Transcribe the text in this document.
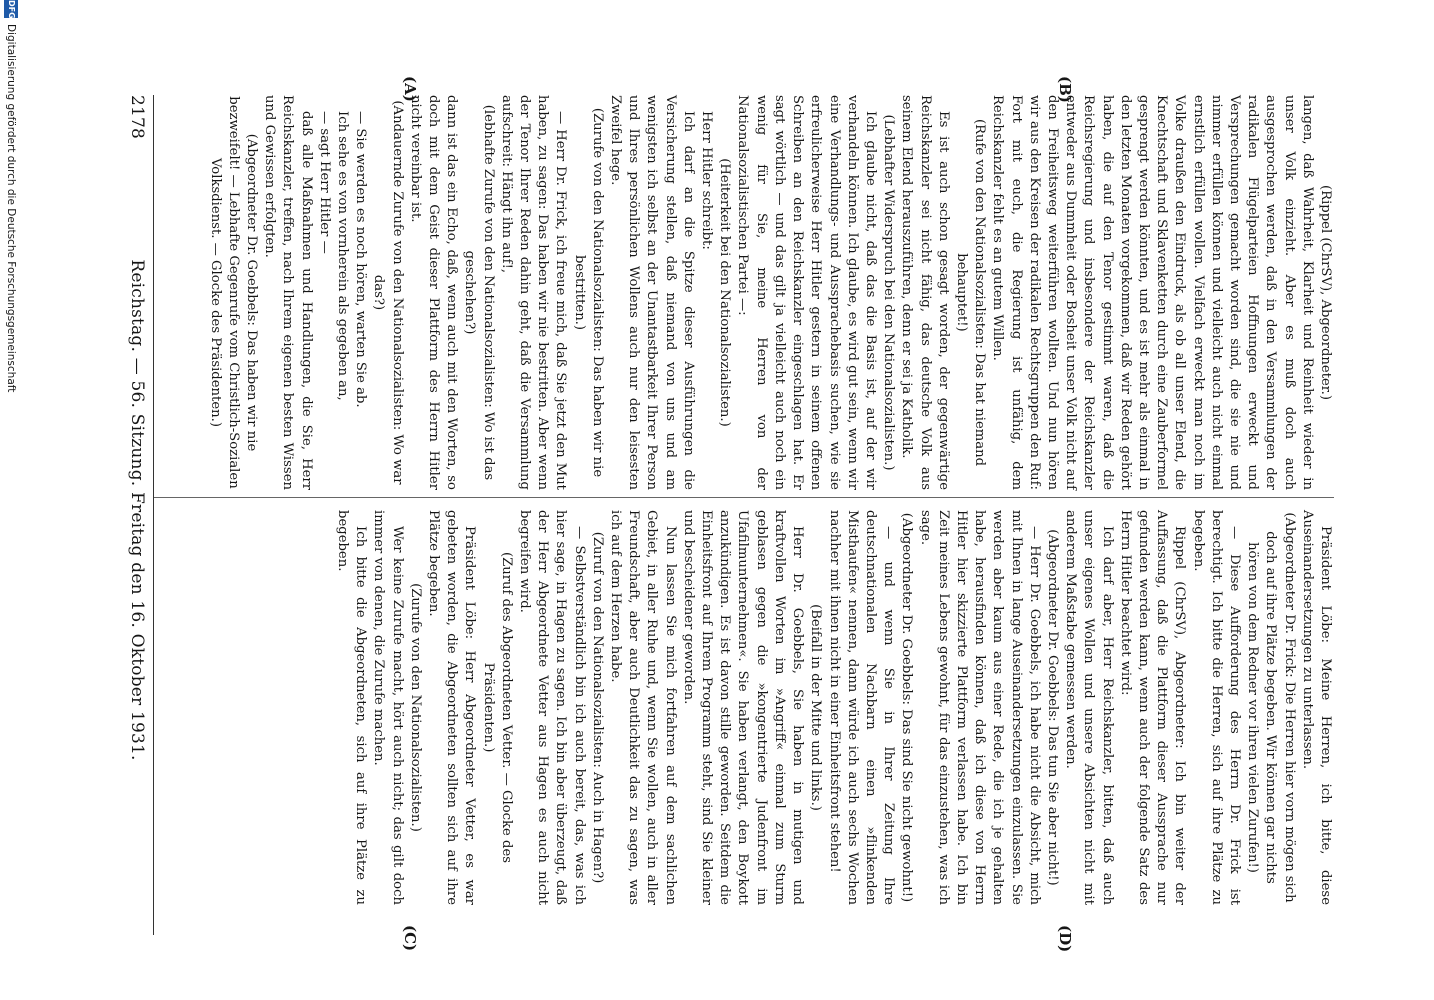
2178
Reichstag. — 56. Sitzung. Freitag den 16. Oktober 1931.
(A)	(B)
(C)	(D)

(Rippel (ChrSV), Abgeordneter.)

langen, daß Wahrheit, Klarheit und Reinheit wieder in unser Volk einzieht. Aber es muß doch auch ausgesprochen werden, daß in den Versammlungen der radikalen Flügelparteien Hoffnungen erweckt und Versprechungen gemacht worden sind, die sie nie und nimmer erfüllen können und vielleicht auch nicht einmal ernstlich erfüllen wollen. Vielfach erweckt man noch im Volke draußen den Eindruck, als ob all unser Elend, die Knechtschaft und Sklavenketten durch eine Zauberformel gesprengt werden könnten, und es ist mehr als einmal in den letzten Monaten vorgekommen, daß wir Reden gehört haben, die auf den Tenor gestimmt waren, daß die Reichsregierung und insbesondere der Reichskanzler entweder aus Dummheit oder Bosheit unser Volk nicht auf den Freiheitsweg weiterführen wollten. Und nun hören wir aus den Kreisen der radikalen Rechtsgruppen den Ruf: Fort mit euch, die Regierung ist unfähig, dem Reichskanzler fehlt es an gutem Willen.

(Rufe von den Nationalsozialisten: Das hat niemand behauptet!)

Es ist auch schon gesagt worden, der gegenwärtige Reichskanzler sei nicht fähig, das deutsche Volk aus seinem Elend herauszuführen, denn er sei ja Katholik.

(Lebhafter Widerspruch bei den Nationalsozialisten.)

Ich glaube nicht, daß das die Basis ist, auf der wir verhandeln können. Ich glaube, es wird gut sein, wenn wir eine Verhandlungs- und Aussprachebasis suchen, wie sie erfreulicherweise Herr Hitler gestern in seinem offenen Schreiben an den Reichskanzler eingeschlagen hat. Er sagt wörtlich — und das gilt ja vielleicht auch noch ein wenig für Sie, meine Herren von der Nationalsozialistischen Partei —:

(Heiterkeit bei den Nationalsozialisten.)

Herr Hitler schreibt:

Ich darf an die Spitze dieser Ausführungen die Versicherung stellen, daß niemand von uns und am wenigsten ich selbst an der Unantastbarkeit Ihrer Person und Ihres persönlichen Wollens auch nur den leisesten Zweifel hege.

(Zurufe von den Nationalsozialisten: Das haben wir nie bestritten.)

— Herr Dr. Frick, ich freue mich, daß Sie jetzt den Mut haben, zu sagen: Das haben wir nie bestritten. Aber wenn der Tenor Ihrer Reden dahin geht, daß die Versammlung aufschreit: Hängt ihn auf!,

(lebhafte Zurufe von den Nationalsozialisten: Wo ist das geschehen?)

dann ist das ein Echo, daß, wenn auch mit den Worten, so doch mit dem Geist dieser Plattform des Herrn Hitler nicht vereinbar ist.

(Andauernde Zurufe von den Nationalsozialisten: Wo war das?)

— Sie werden es noch hören, warten Sie ab.

Ich sehe es von vornherein als gegeben an,

— sagt Herr Hitler —

daß alle Maßnahmen und Handlungen, die Sie, Herr Reichskanzler, treffen, nach Ihrem eigenen besten Wissen und Gewissen erfolgten.

(Abgeordneter Dr. Goebbels: Das haben wir nie bezweifelt! — Lebhafte Gegenrufe vom Christlich-Sozialen Volksdienst. — Glocke des Präsidenten.)

Präsident Löbe: Meine Herren, ich bitte, diese Auseinandersetzungen zu unterlassen.

(Abgeordneter Dr. Frick: Die Herren hier vorn mögen sich doch auf ihre Plätze begeben. Wir können gar nichts hören von dem Redner vor ihren vielen Zurufen!)

— Diese Aufforderung des Herrn Dr. Frick ist berechtigt. Ich bitte die Herren, sich auf ihre Plätze zu begeben.

Rippel (ChrSV), Abgeordneter: Ich bin weiter der Auffassung, daß die Plattform dieser Aussprache nur gefunden werden kann, wenn auch der folgende Satz des Herrn Hitler beachtet wird:

Ich darf aber, Herr Reichskanzler, bitten, daß auch unser eigenes Wollen und unsere Absichten nicht mit anderem Maßstabe gemessen werden.

(Abgeordneter Dr. Goebbels: Das tun Sie aber nicht!)

— Herr Dr. Goebbels, ich habe nicht die Absicht, mich mit Ihnen in lange Auseinandersetzungen einzulassen. Sie werden aber kaum aus einer Rede, die ich je gehalten habe, herausfinden können, daß ich diese von Herrn Hitler hier skizzierte Plattform verlassen habe. Ich bin Zeit meines Lebens gewohnt, für das einzustehen, was ich sage.

(Abgeordneter Dr. Goebbels: Das sind Sie nicht gewohnt!)

— und wenn Sie in Ihrer Zeitung Ihre deutschnationalen Nachbarn einen »flinkenden Misthaufen« nennen, dann würde ich auch sechs Wochen nachher mit ihnen nicht in einer Einheitsfront stehen!

(Beifall in der Mitte und links.)

Herr Dr. Goebbels, Sie haben in mutigen und kraftvollen Worten im »Angriff« einmal zum Sturm geblasen gegen die »kongentrierte Judenfront im Ufafilmunternehmen«. Sie haben verlangt, den Boykott anzukündigen. Es ist davon stille geworden. Seitdem die Einheitsfront auf Ihrem Programm steht, sind Sie kleiner und bescheidener geworden.

Nun lassen Sie mich fortfahren auf dem sachlichen Gebiet, in aller Ruhe und, wenn Sie wollen, auch in aller Freundschaft, aber auch Deutlichkeit das zu sagen, was ich auf dem Herzen habe.

(Zuruf von den Nationalsozialisten: Auch in Hagen?)

— Selbstverständlich bin ich auch bereit, das, was ich hier sage, in Hagen zu sagen. Ich bin aber überzeugt, daß der Herr Abgeordnete Vetter aus Hagen es auch nicht begreifen wird.

(Zuruf des Abgeordneten Vetter. — Glocke des Präsidenten.)

Präsident Löbe: Herr Abgeordneter Vetter, es war gebeten worden, die Abgeordneten sollten sich auf ihre Plätze begeben.

(Zurufe von den Nationalsozialisten.)

Wer keine Zurufe macht, hört auch nicht; das gilt doch immer von denen, die Zurufe machen.

Ich bitte die Abgeordneten, sich auf ihre Plätze zu begeben.

DFGDigitalisierung gefördert durch die Deutsche Forschungsgemeinschaft
